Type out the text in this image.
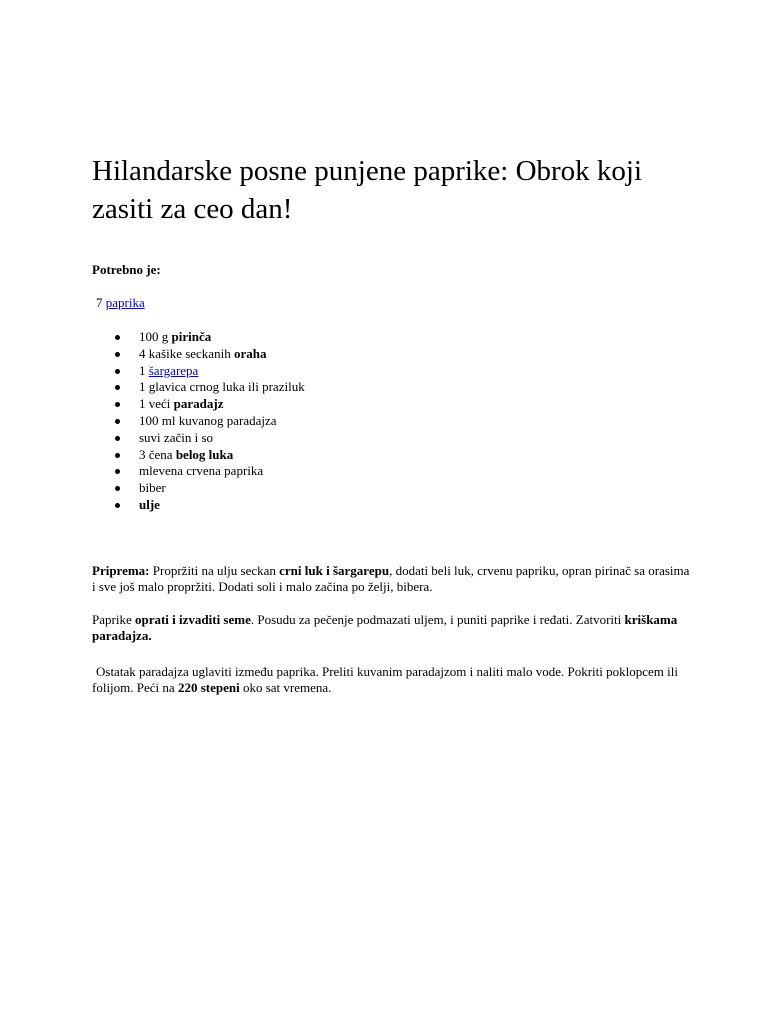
Hilandarske posne punjene paprike: Obrok koji zasiti za ceo dan!

Potrebno je:

7 paprika

100 g pirinča
4 kašike seckanih oraha
1 šargarepa
1 glavica crnog luka ili praziluk
1 veći paradajz
100 ml kuvanog paradajza
suvi začin i so
3 čena belog luka
mlevena crvena paprika
biber
ulje

Priprema: Propržiti na ulju seckan crni luk i šargarepu, dodati beli luk, crvenu papriku, opran pirinač sa orasima i sve još malo propržiti. Dodati soli i malo začina po želji, bibera.

Paprike oprati i izvaditi seme. Posudu za pečenje podmazati uljem, i puniti paprike i ređati. Zatvoriti kriškama paradajza.

Ostatak paradajza uglaviti između paprika. Preliti kuvanim paradajzom i naliti malo vode. Pokriti poklopcem ili folijom. Peći na 220 stepeni oko sat vremena.
